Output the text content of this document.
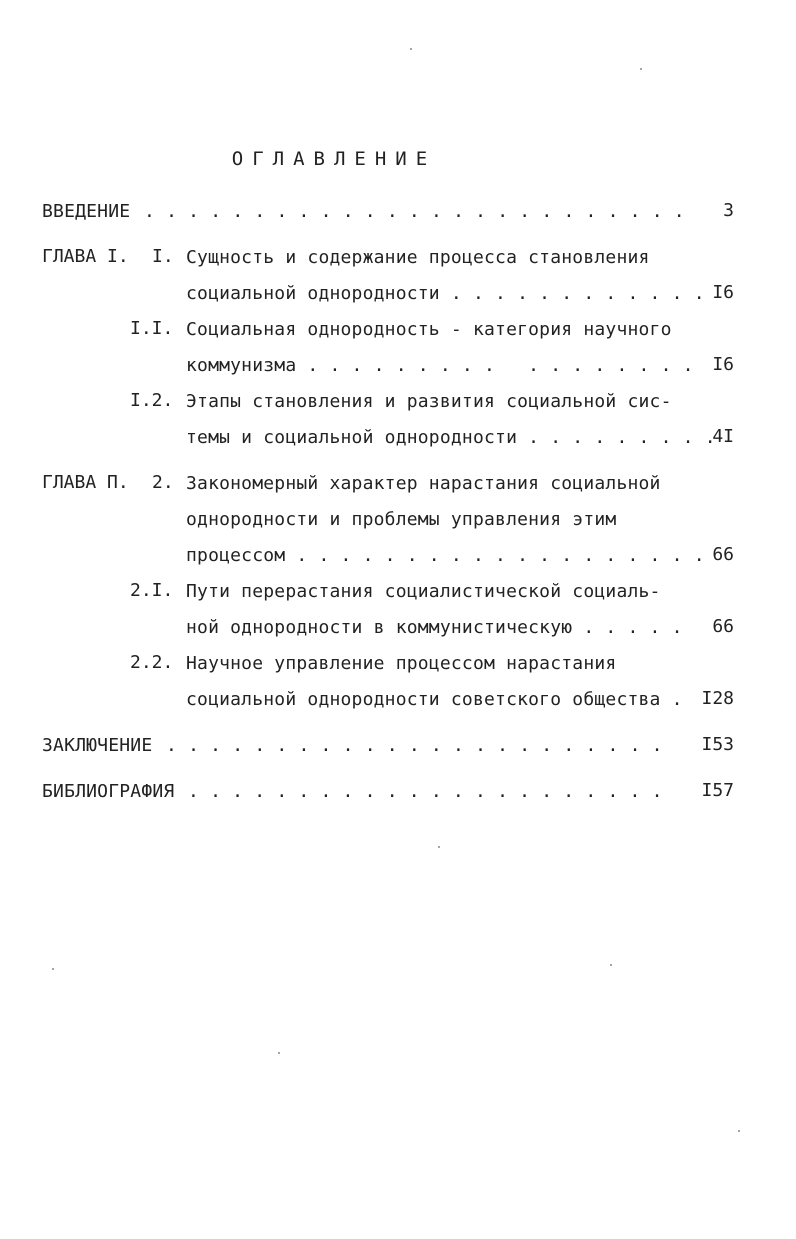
ОГЛАВЛЕНИЕ
ВВЕДЕНИЕ . . . . . . . . . . . . . . . . . . . . . . . . . 3
ГЛАВА I. I. Сущность и содержание процесса становления
социальной однородности . . . . . . . . . . . . I6
I.I. Социальная однородность - категория научного
коммунизма . . . . . . . . .   . . . . . . . . I6
I.2. Этапы становления и развития социальной сис-
темы и социальной однородности . . . . . . . . .
4I
ГЛАВА П. 2. Закономерный характер нарастания социальной
однородности и проблемы управления этим
процессом . . . . . . . . . . . . . . . . . . . 66
2.I. Пути перерастания социалистической социаль-
ной однородности в коммунистическую . . . . . 66
2.2. Научное управление процессом нарастания
социальной однородности советского общества . I28
ЗАКЛЮЧЕНИЕ . . . . . . . . . . . . . . . . . . . . . . . I53
БИБЛИОГРАФИЯ . . . . . . . . . . . . . . . . . . . . . . I57
